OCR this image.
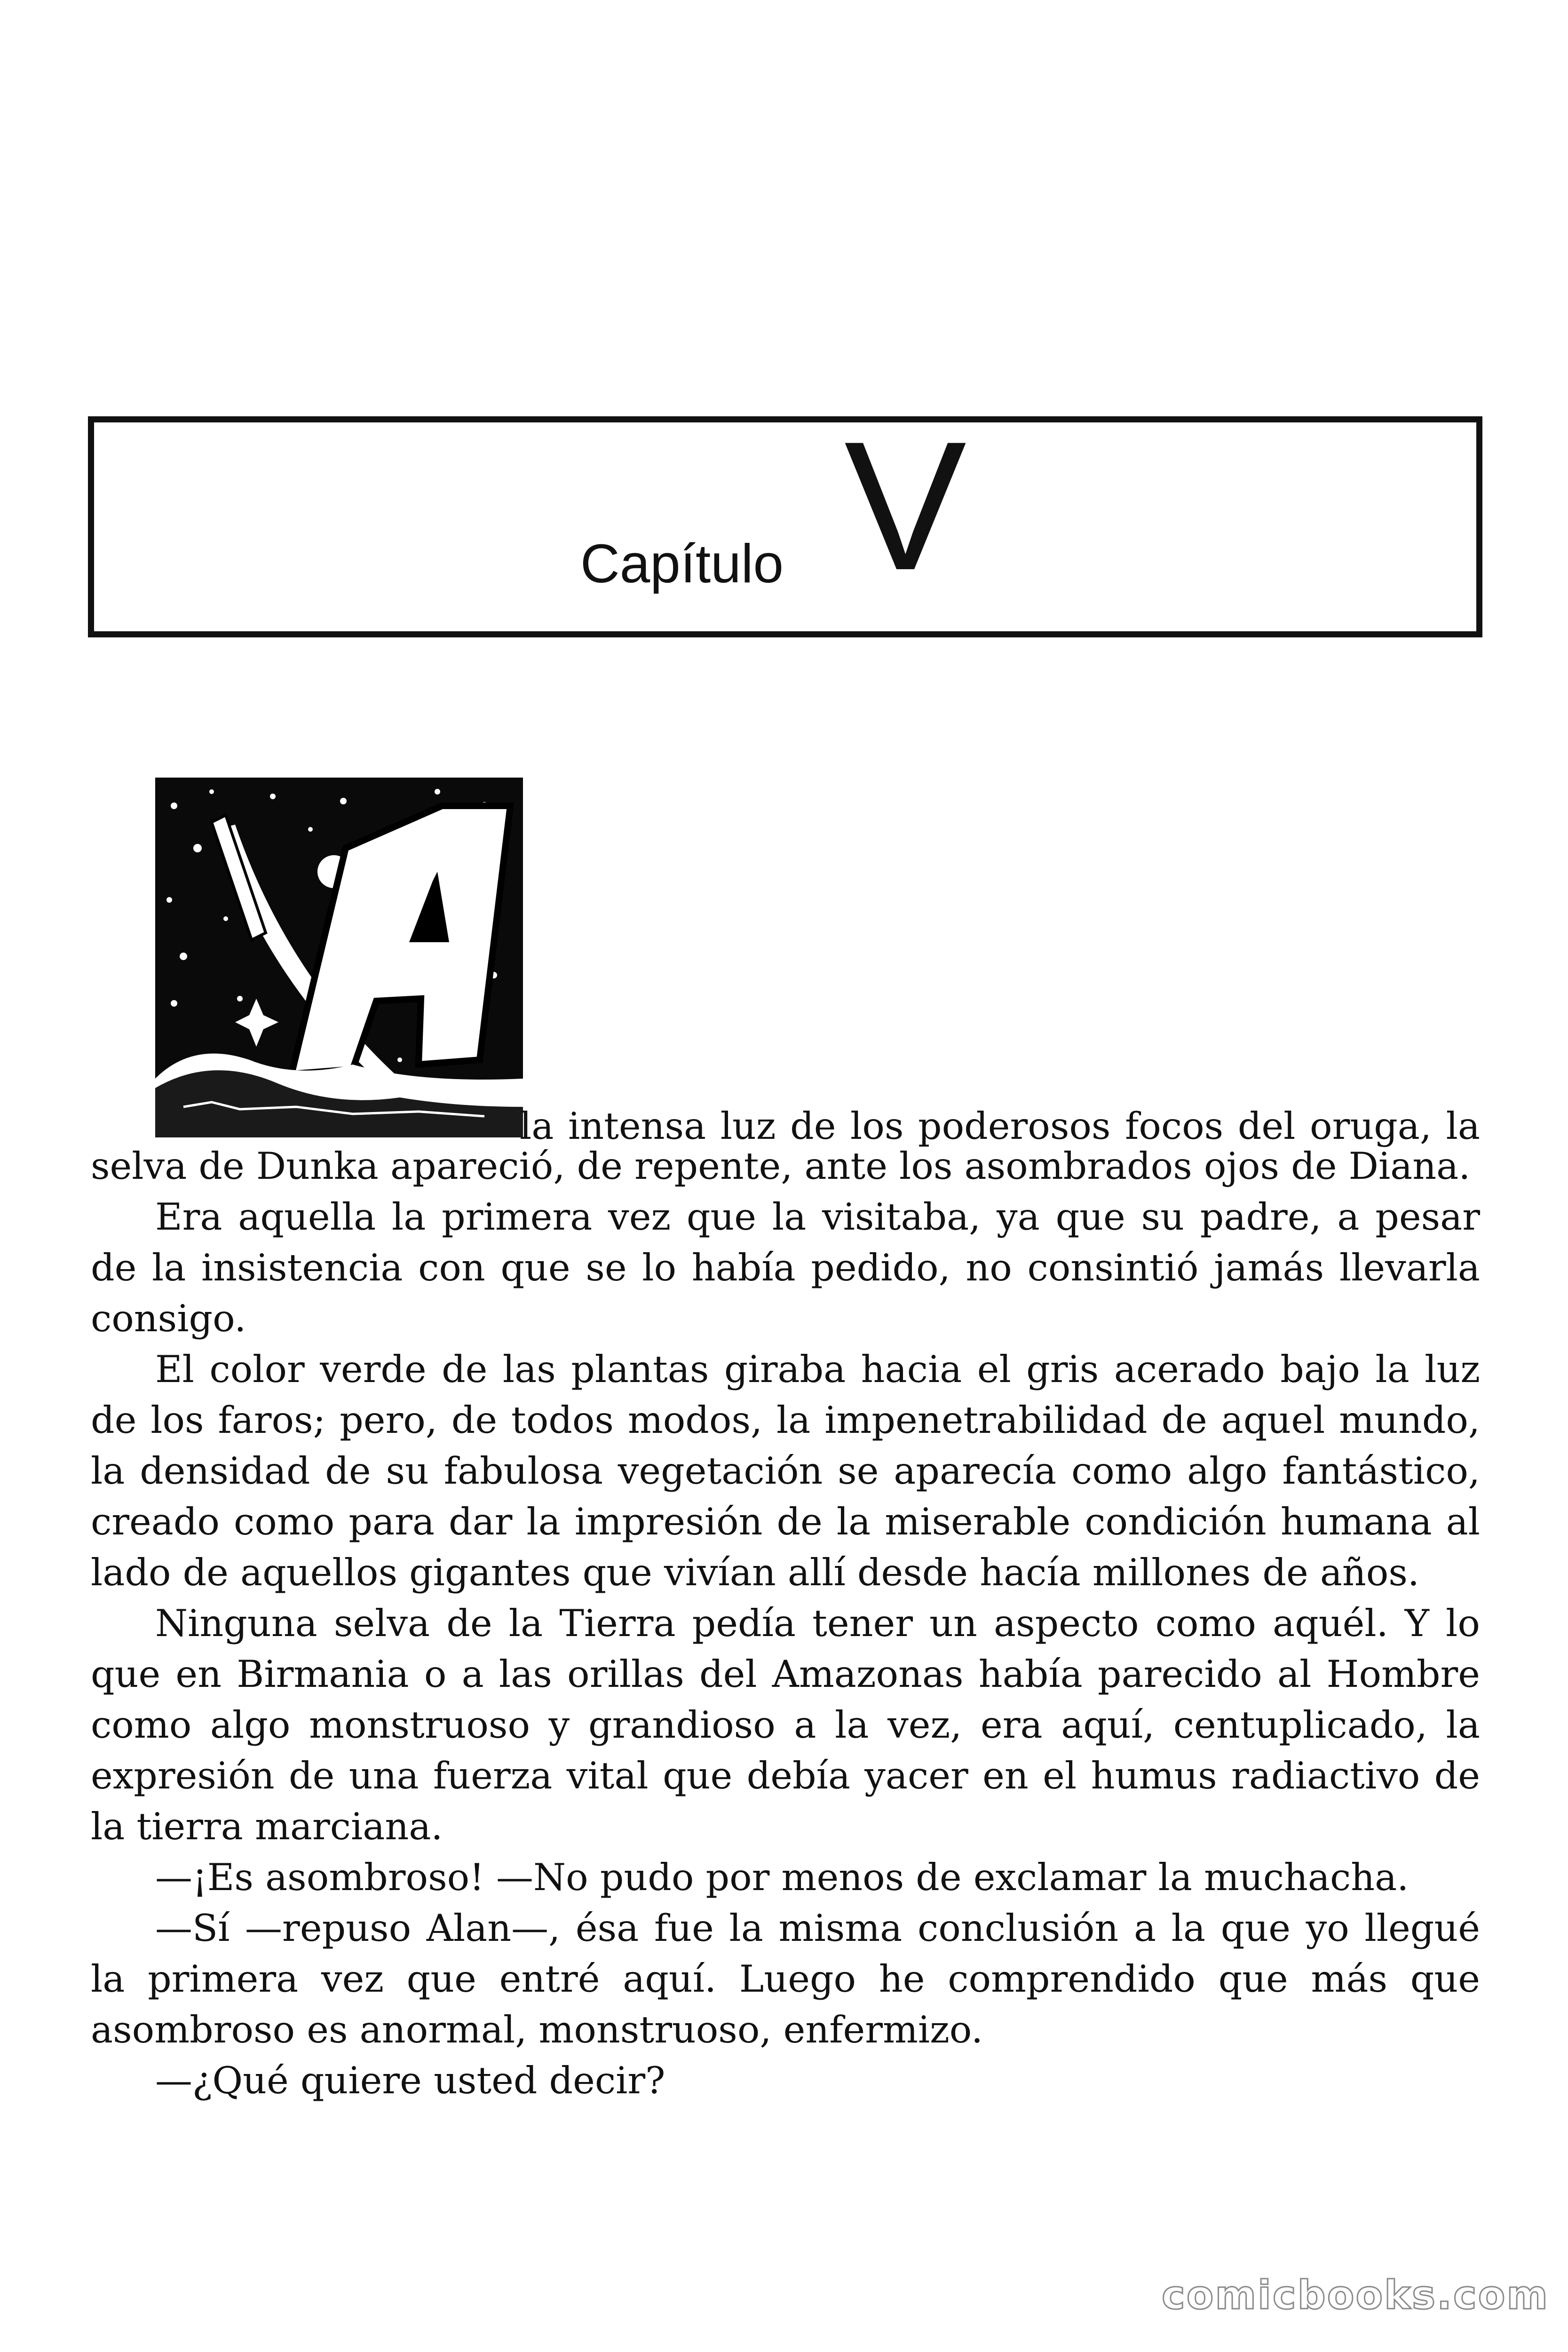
Capítulo V
A

la intensa luz de los poderosos focos del oruga, la
selva de Dunka apareció, de repente, ante los asombrados ojos de Diana.

Era aquella la primera vez que la visitaba, ya que su padre, a pesar de la insistencia con que se lo había pedido, no consintió jamás llevarla consigo.

El color verde de las plantas giraba hacia el gris acerado bajo la luz de los faros; pero, de todos modos, la impenetrabilidad de aquel mundo, la densidad de su fabulosa vegetación se aparecía como algo fantástico, creado como para dar la impresión de la miserable condición humana al lado de aquellos gigantes que vivían allí desde hacía millones de años.

Ninguna selva de la Tierra pedía tener un aspecto como aquél. Y lo que en Birmania o a las orillas del Amazonas había parecido al Hombre como algo monstruoso y grandioso a la vez, era aquí, centuplicado, la expresión de una fuerza vital que debía yacer en el humus radiactivo de la tierra marciana.

—¡Es asombroso! —No pudo por menos de exclamar la muchacha.

—Sí —repuso Alan—, ésa fue la misma conclusión a la que yo llegué la primera vez que entré aquí. Luego he comprendido que más que asombroso es anormal, monstruoso, enfermizo.

—¿Qué quiere usted decir?

comicbooks.com
